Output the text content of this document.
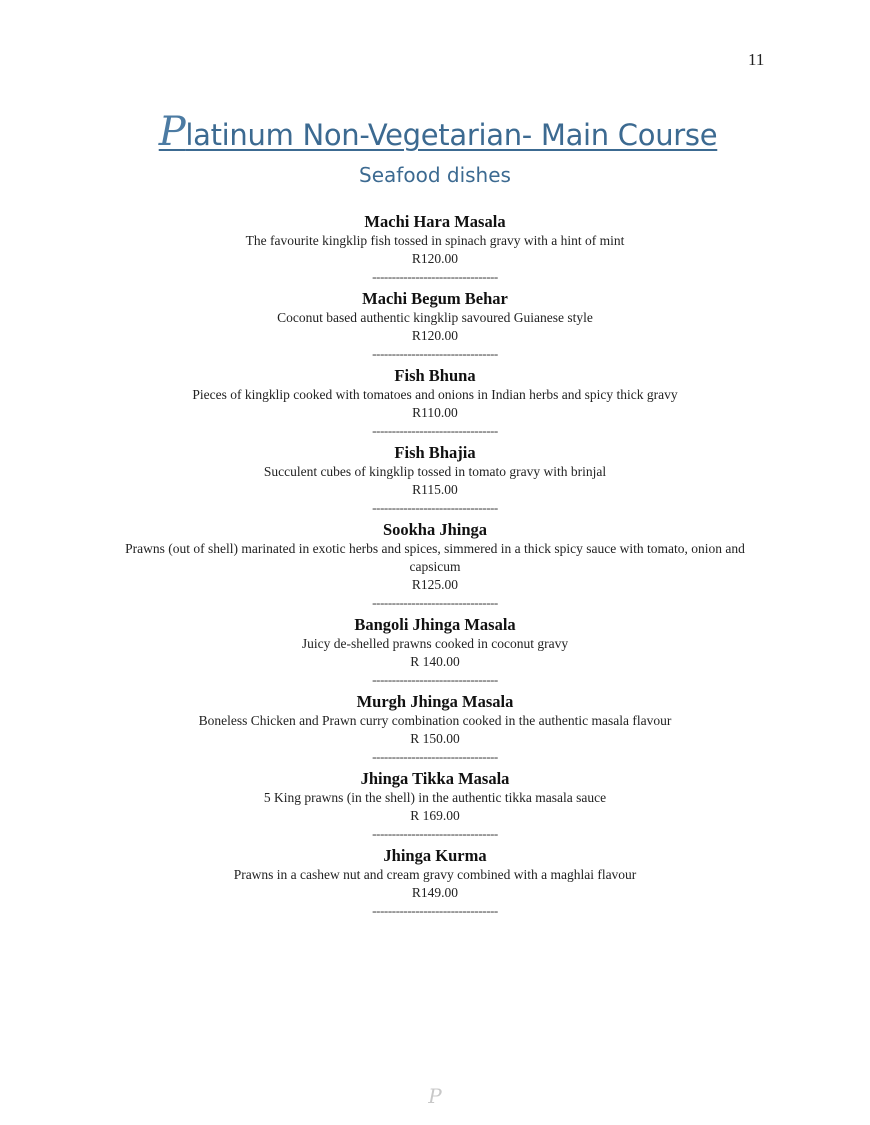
11
Platinum Non-Vegetarian- Main Course
Seafood dishes
Machi Hara Masala
The favourite kingklip fish tossed in spinach gravy with a hint of mint
R120.00
--------------------------------
Machi Begum Behar
Coconut based authentic kingklip savoured Guianese style
R120.00
--------------------------------
Fish Bhuna
Pieces of kingklip cooked with tomatoes and onions in Indian herbs and spicy thick gravy
R110.00
--------------------------------
Fish Bhajia
Succulent cubes of kingklip tossed in tomato gravy with brinjal
R115.00
--------------------------------
Sookha Jhinga
Prawns (out of shell) marinated in exotic herbs and spices, simmered in a thick spicy sauce with tomato, onion and capsicum
R125.00
--------------------------------
Bangoli Jhinga Masala
Juicy de-shelled prawns cooked in coconut gravy
R 140.00
--------------------------------
Murgh Jhinga Masala
Boneless Chicken and Prawn curry combination cooked in the authentic masala flavour
R 150.00
--------------------------------
Jhinga Tikka Masala
5 King prawns (in the shell) in the authentic tikka masala sauce
R 169.00
--------------------------------
Jhinga Kurma
Prawns in a cashew nut and cream gravy combined with a maghlai flavour
R149.00
--------------------------------
P
